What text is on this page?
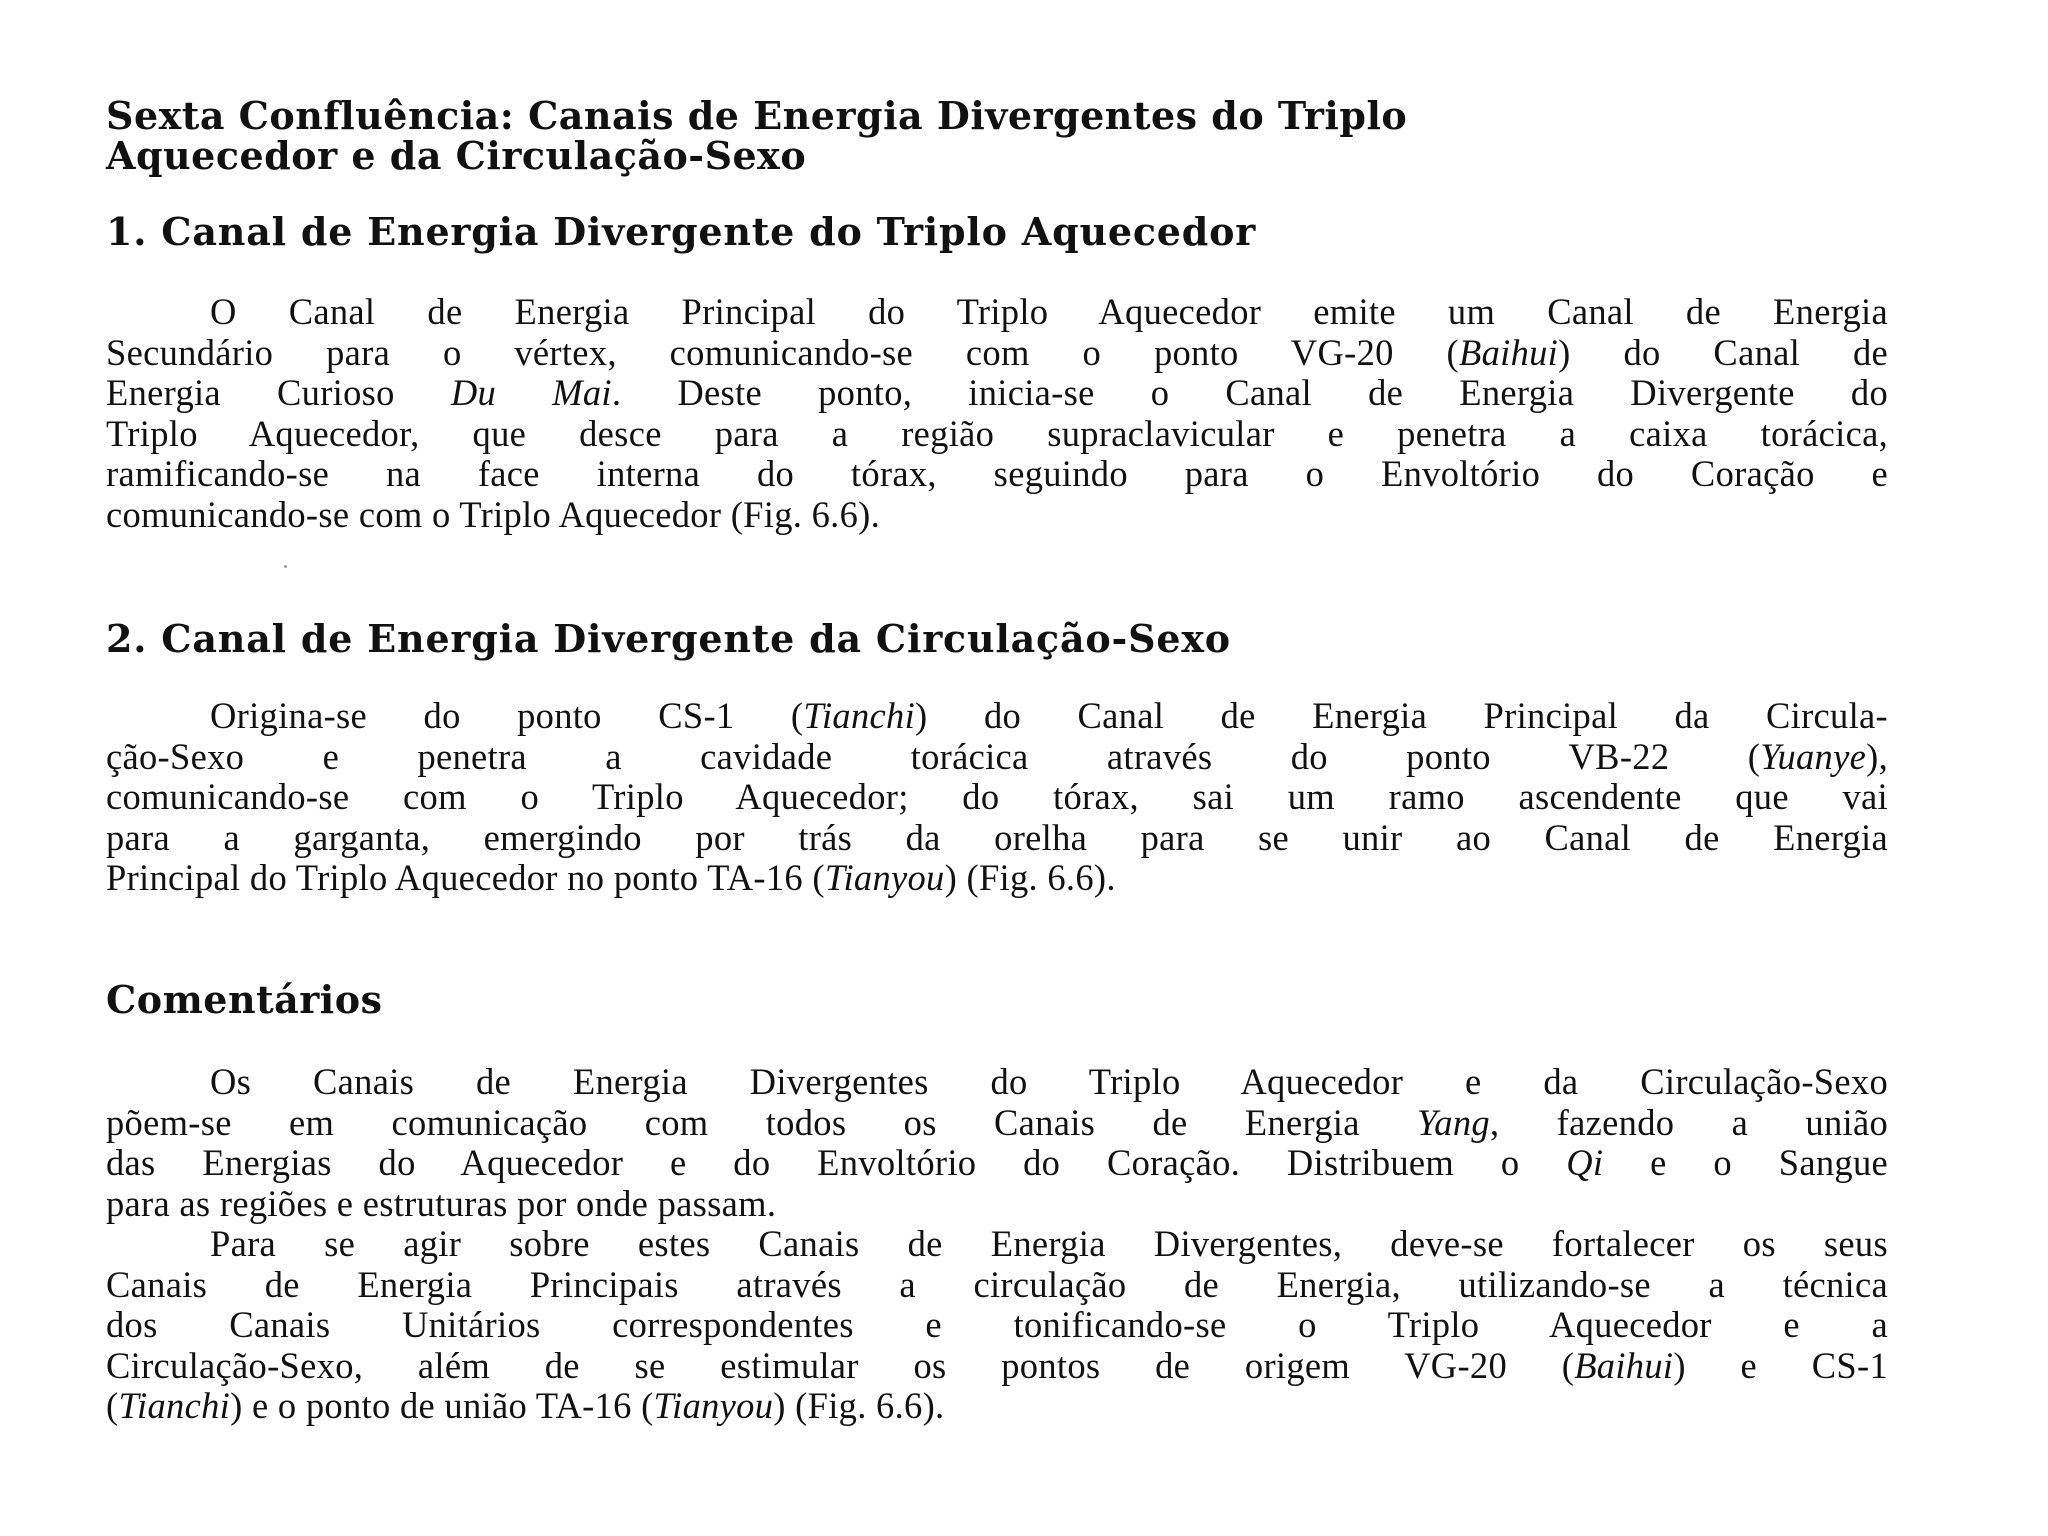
Sexta Confluência: Canais de Energia Divergentes do Triplo
Aquecedor e da Circulação-Sexo
1. Canal de Energia Divergente do Triplo Aquecedor
O Canal de Energia Principal do Triplo Aquecedor emite um Canal de Energia
Secundário para o vértex, comunicando-se com o ponto VG-20 (Baihui) do Canal de
Energia Curioso Du Mai. Deste ponto, inicia-se o Canal de Energia Divergente do
Triplo Aquecedor, que desce para a região supraclavicular e penetra a caixa torácica,
ramificando-se na face interna do tórax, seguindo para o Envoltório do Coração e
comunicando-se com o Triplo Aquecedor (Fig. 6.6).
2. Canal de Energia Divergente da Circulação-Sexo
Origina-se do ponto CS-1 (Tianchi) do Canal de Energia Principal da Circula-
ção-Sexo e penetra a cavidade torácica através do ponto VB-22 (Yuanye),
comunicando-se com o Triplo Aquecedor; do tórax, sai um ramo ascendente que vai
para a garganta, emergindo por trás da orelha para se unir ao Canal de Energia
Principal do Triplo Aquecedor no ponto TA-16 (Tianyou) (Fig. 6.6).
Comentários
Os Canais de Energia Divergentes do Triplo Aquecedor e da Circulação-Sexo
põem-se em comunicação com todos os Canais de Energia Yang, fazendo a união
das Energias do Aquecedor e do Envoltório do Coração. Distribuem o Qi e o Sangue
para as regiões e estruturas por onde passam.
Para se agir sobre estes Canais de Energia Divergentes, deve-se fortalecer os seus
Canais de Energia Principais através a circulação de Energia, utilizando-se a técnica
dos Canais Unitários correspondentes e tonificando-se o Triplo Aquecedor e a
Circulação-Sexo, além de se estimular os pontos de origem VG-20 (Baihui) e CS-1
(Tianchi) e o ponto de união TA-16 (Tianyou) (Fig. 6.6).
